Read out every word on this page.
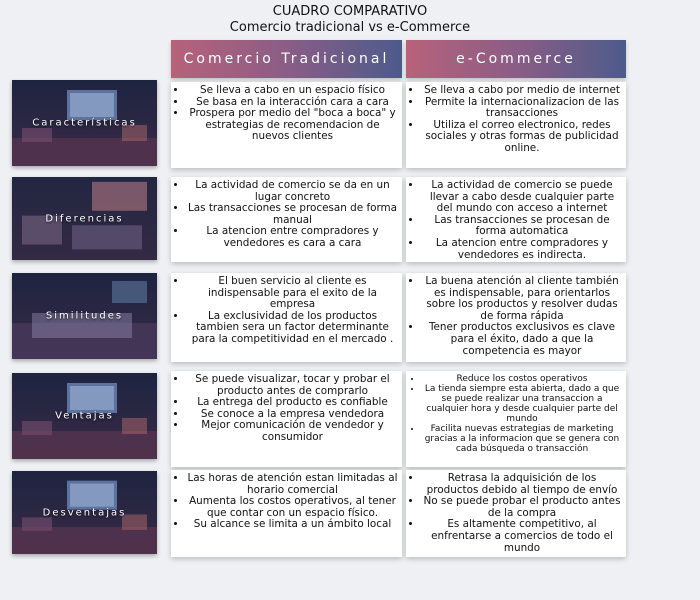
CUADRO COMPARATIVO
Comercio tradicional vs e-Commerce
Comercio Tradicional	e-Commerce
Características
• Se lleva a cabo en un espacio físico
• Se basa en la interacción cara a cara
• Prospera por medio del "boca a boca" y estrategias de recomendacion de nuevos clientes
• Se lleva a cabo por medio de internet
• Permite la internacionalizacion de las transacciones
• Utiliza el correo electronico, redes sociales y otras formas de publicidad online.
Diferencias
• La actividad de comercio se da en un lugar concreto
• Las transacciones se procesan de forma manual
• La atencion entre compradores y vendedores es cara a cara
• La actividad de comercio se puede llevar a cabo desde cualquier parte del mundo con acceso a internet
• Las transacciones se procesan de forma automatica
• La atencion entre compradores y vendedores es indirecta.
Similitudes
• El buen servicio al cliente es indispensable para el exito de la empresa
• La exclusividad de los productos tambien sera un factor determinante para la competitividad en el mercado .
• La buena atención al cliente también es indispensable, para orientarlos sobre los productos y resolver dudas de forma rápida
• Tener productos exclusivos es clave para el éxito, dado a que la competencia es mayor
Ventajas
• Se puede visualizar, tocar y probar el producto antes de comprarlo
• La entrega del producto es confiable
• Se conoce a la empresa vendedora
• Mejor comunicación de vendedor y consumidor
• Reduce los costos operativos
• La tienda siempre esta abierta, dado a que se puede realizar una transaccion a cualquier hora y desde cualquier parte del mundo
• Facilita nuevas estrategias de marketing gracias a la informacion que se genera con cada búsqueda o transacción
Desventajas
• Las horas de atención estan limitadas al horario comercial
• Aumenta los costos operativos, al tener que contar con un espacio físico.
• Su alcance se limita a un ámbito local
• Retrasa la adquisición de los productos debido al tiempo de envío
• No se puede probar el producto antes de la compra
• Es altamente competitivo, al enfrentarse a comercios de todo el mundo
